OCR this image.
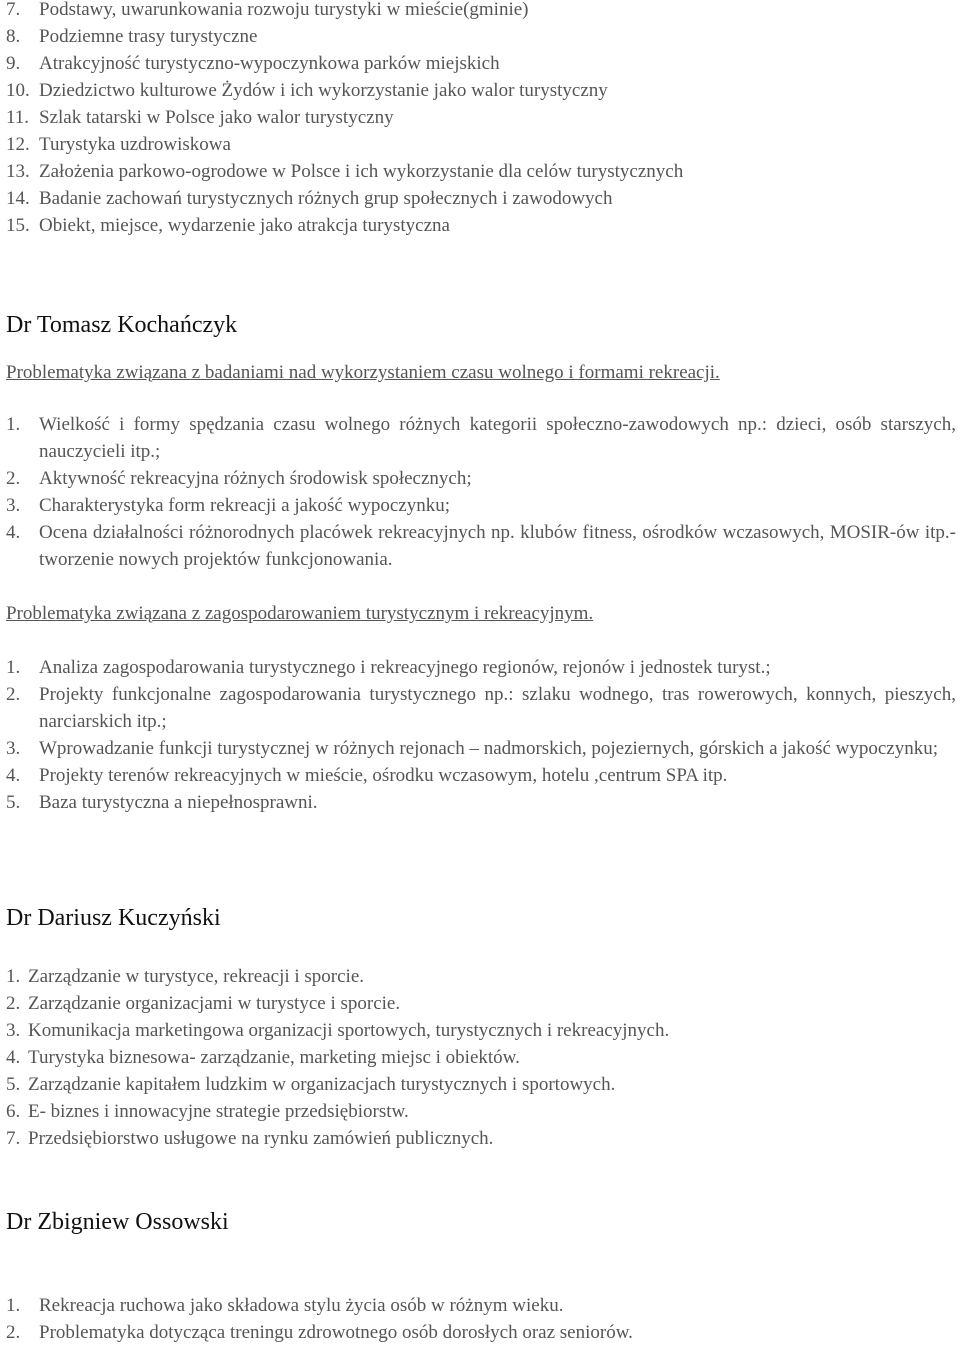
7. Podstawy, uwarunkowania rozwoju turystyki w mieście(gminie)
8. Podziemne trasy turystyczne
9. Atrakcyjność turystyczno-wypoczynkowa parków miejskich
10. Dziedzictwo kulturowe Żydów i ich wykorzystanie jako walor turystyczny
11. Szlak tatarski w Polsce jako walor turystyczny
12. Turystyka uzdrowiskowa
13. Założenia parkowo-ogrodowe w Polsce i ich wykorzystanie dla celów turystycznych
14. Badanie zachowań turystycznych różnych grup społecznych i zawodowych
15. Obiekt, miejsce, wydarzenie jako atrakcja turystyczna
Dr Tomasz Kochańczyk

Problematyka związana z badaniami nad wykorzystaniem czasu wolnego i formami rekreacji.

1. Wielkość i formy spędzania czasu wolnego różnych kategorii społeczno-zawodowych np.: dzieci, osób starszych, nauczycieli itp.;
2. Aktywność rekreacyjna różnych środowisk społecznych;
3. Charakterystyka form rekreacji a jakość wypoczynku;
4. Ocena działalności różnorodnych placówek rekreacyjnych np. klubów fitness, ośrodków wczasowych, MOSIR-ów itp.-tworzenie nowych projektów funkcjonowania.

Problematyka związana z zagospodarowaniem turystycznym i rekreacyjnym.

1. Analiza zagospodarowania turystycznego i rekreacyjnego regionów, rejonów i jednostek turyst.;
2. Projekty funkcjonalne zagospodarowania turystycznego np.: szlaku wodnego, tras rowerowych, konnych, pieszych, narciarskich itp.;
3. Wprowadzanie funkcji turystycznej w różnych rejonach – nadmorskich, pojeziernych, górskich a jakość wypoczynku;
4. Projekty terenów rekreacyjnych w mieście, ośrodku wczasowym, hotelu ,centrum SPA itp.
5. Baza turystyczna a niepełnosprawni.
Dr Dariusz Kuczyński
1. Zarządzanie w turystyce, rekreacji i sporcie.
2. Zarządzanie organizacjami w turystyce i sporcie.
3. Komunikacja marketingowa organizacji sportowych, turystycznych i rekreacyjnych.
4. Turystyka biznesowa- zarządzanie, marketing miejsc i obiektów.
5. Zarządzanie kapitałem ludzkim w organizacjach turystycznych i sportowych.
6. E- biznes i innowacyjne strategie przedsiębiorstw.
7. Przedsiębiorstwo usługowe na rynku zamówień publicznych.
Dr Zbigniew Ossowski
1. Rekreacja ruchowa jako składowa stylu życia osób w różnym wieku.
2. Problematyka dotycząca treningu zdrowotnego osób dorosłych oraz seniorów.
